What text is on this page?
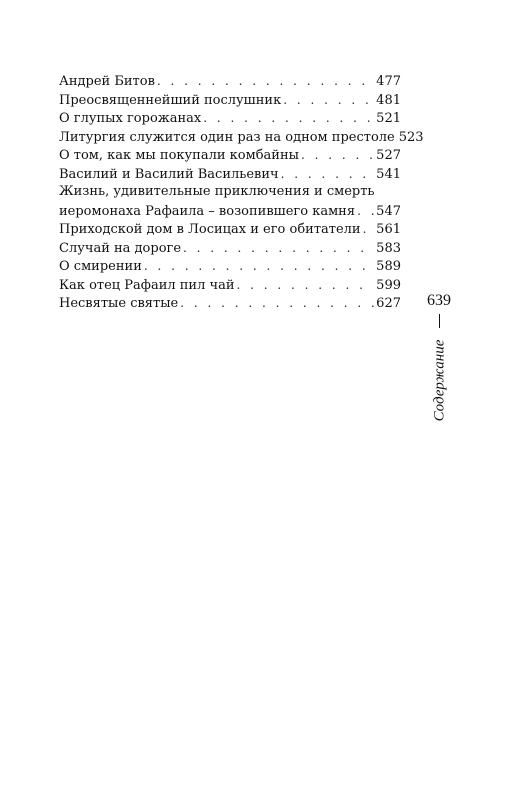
Андрей Битов . . .	477
Преосвященнейший послушник . . .	481
О глупых горожанах . . .	521
Литургия служится один раз на одном престоле 523
О том, как мы покупали комбайны . . .	527
Василий и Василий Васильевич . . .	541
Жизнь, удивительные приключения и смерть
иеромонаха Рафаила – возопившего камня . . . 547
Приходской дом в Лосицах и его обитатели . . . 561
Случай на дороге . . .	583
О смирении . . .	589
Как отец Рафаил пил чай . . .	599
Несвятые святые . . .	627 639
Содержание
